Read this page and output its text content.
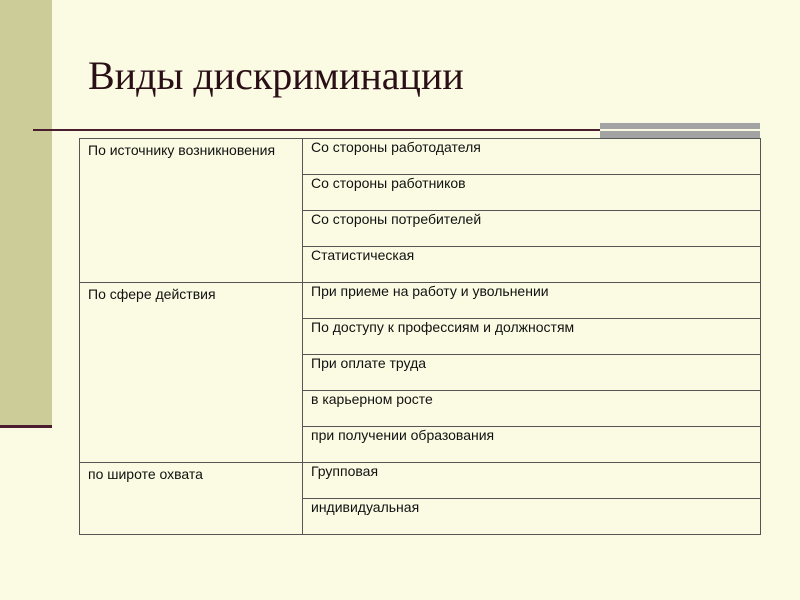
Виды дискриминации
По источнику возникновения	Со стороны работодателя
	Со стороны работников
	Со стороны потребителей
	Статистическая
По сфере действия	При приеме на работу и увольнении
	По доступу к профессиям и должностям
	При оплате труда
	в карьерном росте
	при получении образования
по широте охвата	Групповая
	индивидуальная
